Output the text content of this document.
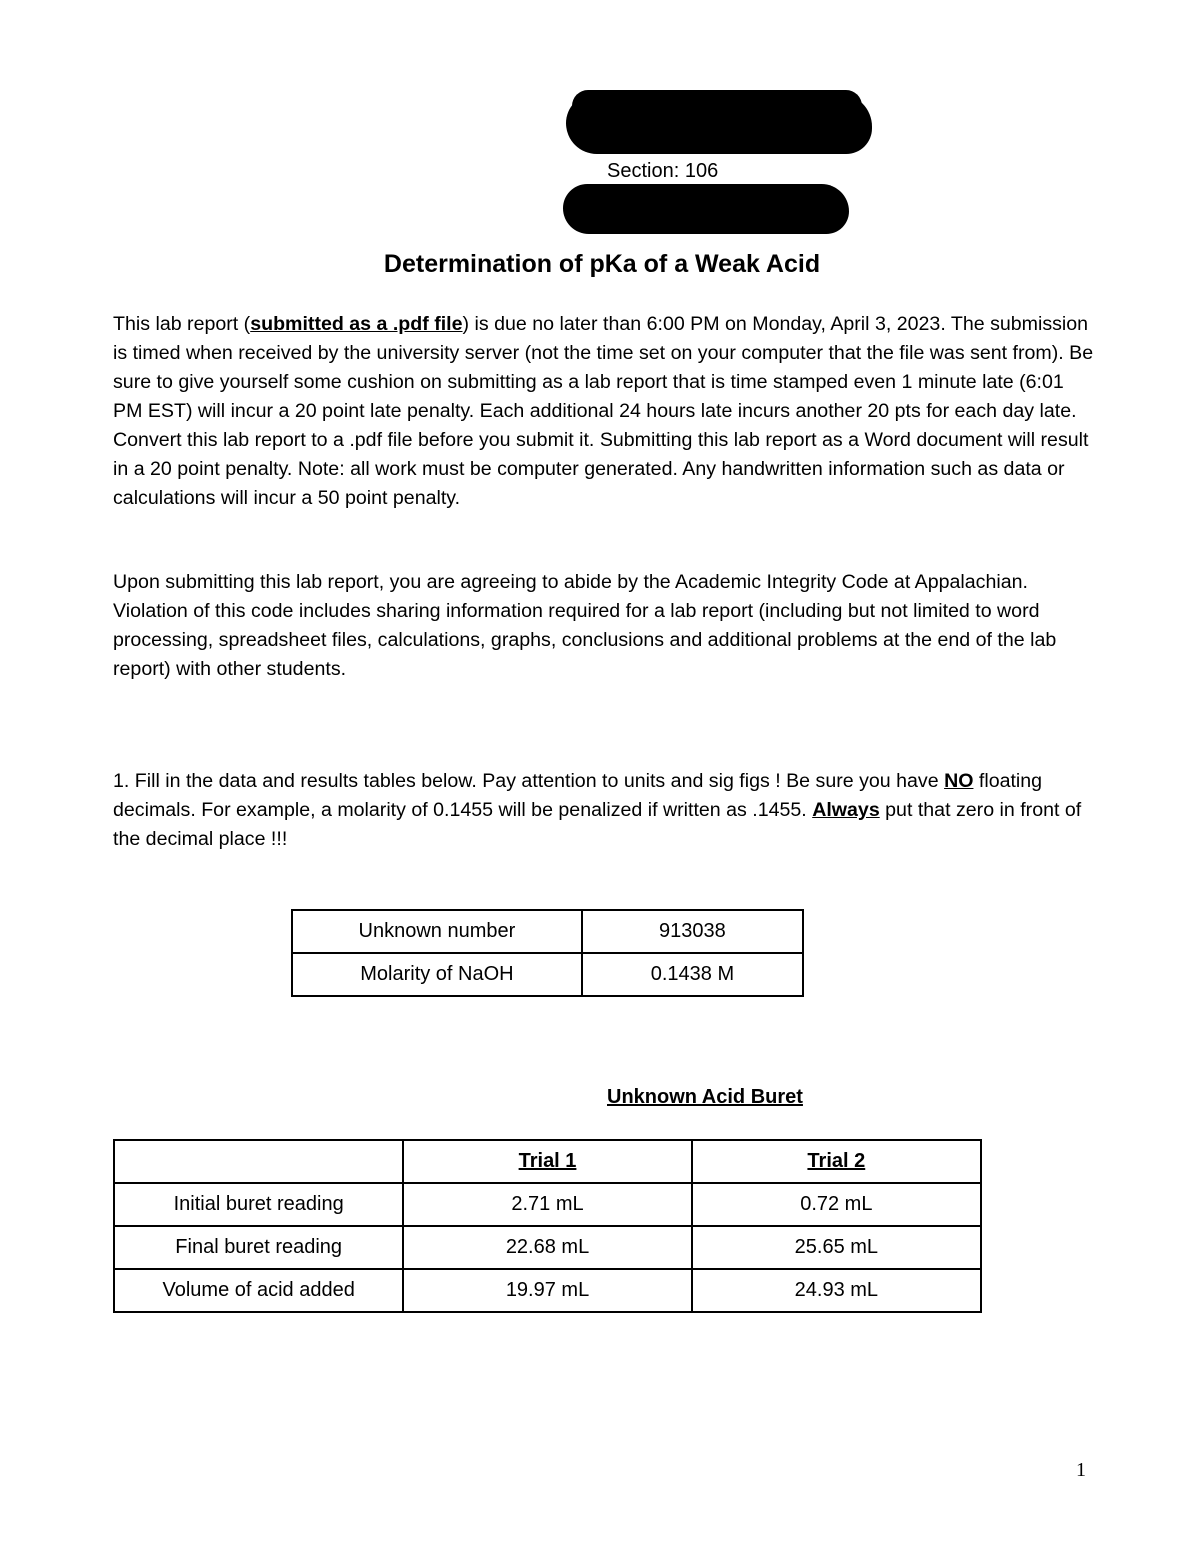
Section: 106
Determination of pKa of a Weak Acid

This lab report (submitted as a .pdf file) is due no later than 6:00 PM on Monday, April 3, 2023. The submission is timed when received by the university server (not the time set on your computer that the file was sent from). Be sure to give yourself some cushion on submitting as a lab report that is time stamped even 1 minute late (6:01 PM EST) will incur a 20 point late penalty. Each additional 24 hours late incurs another 20 pts for each day late. Convert this lab report to a .pdf file before you submit it. Submitting this lab report as a Word document will result in a 20 point penalty. Note: all work must be computer generated. Any handwritten information such as data or calculations will incur a 50 point penalty.

Upon submitting this lab report, you are agreeing to abide by the Academic Integrity Code at Appalachian. Violation of this code includes sharing information required for a lab report (including but not limited to word processing, spreadsheet files, calculations, graphs, conclusions and additional problems at the end of the lab report) with other students.

1. Fill in the data and results tables below. Pay attention to units and sig figs ! Be sure you have NO floating decimals. For example, a molarity of 0.1455 will be penalized if written as .1455. Always put that zero in front of the decimal place !!!

Unknown number	913038
Molarity of NaOH	0.1438 M
Unknown Acid Buret
	Trial 1	Trial 2
Initial buret reading	2.71 mL	0.72 mL
Final buret reading	22.68 mL	25.65 mL
Volume of acid added	19.97 mL	24.93 mL
1
